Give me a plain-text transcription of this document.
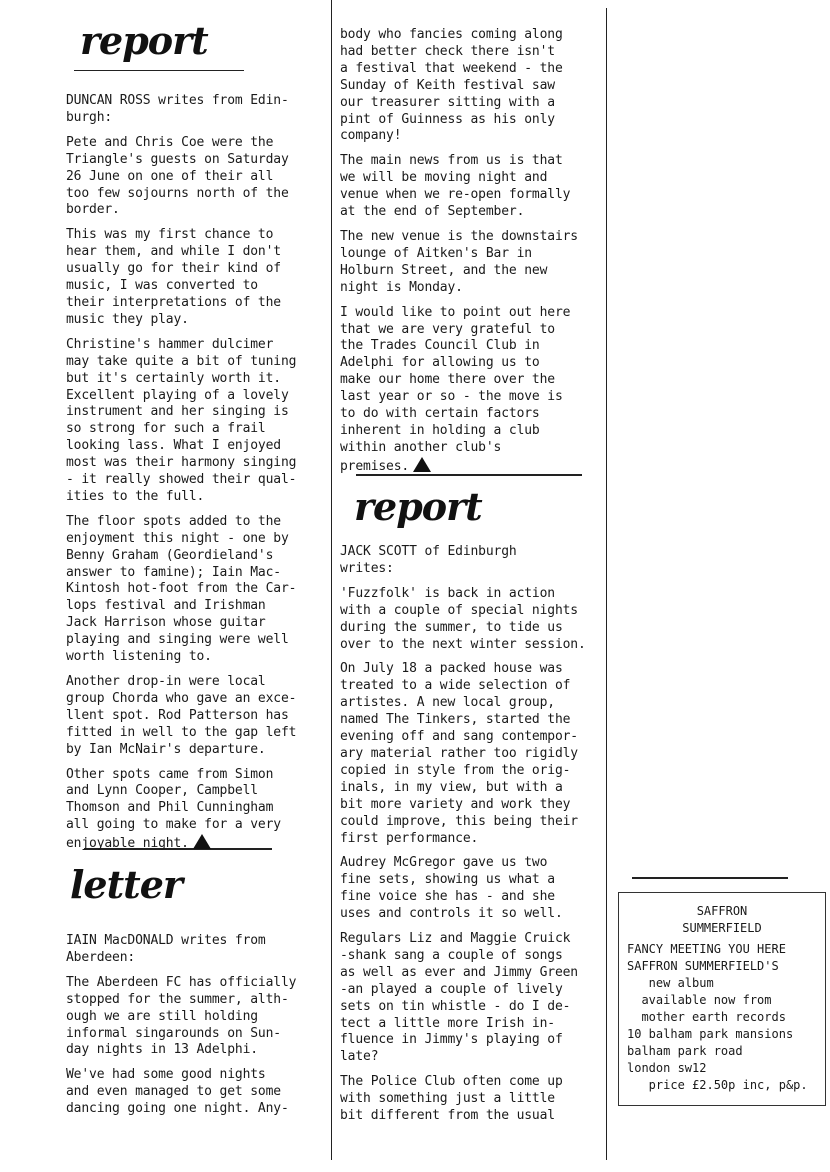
report

DUNCAN ROSS writes from Edin-
burgh:

Pete and Chris Coe were the
Triangle's guests on Saturday
26 June on one of their all
too few sojourns north of the
border.

This was my first chance to
hear them, and while I don't
usually go for their kind of
music, I was converted to
their interpretations of the
music they play.

Christine's hammer dulcimer
may take quite a bit of tuning
but it's certainly worth it.
Excellent playing of a lovely
instrument and her singing is
so strong for such a frail
looking lass. What I enjoyed
most was their harmony singing
- it really showed their qual-
ities to the full.

The floor spots added to the
enjoyment this night - one by
Benny Graham (Geordieland's
answer to famine); Iain Mac-
Kintosh hot-foot from the Car-
lops festival and Irishman
Jack Harrison whose guitar
playing and singing were well
worth listening to.

Another drop-in were local
group Chorda who gave an exce-
llent spot. Rod Patterson has
fitted in well to the gap left
by Ian McNair's departure.

Other spots came from Simon
and Lynn Cooper, Campbell
Thomson and Phil Cunningham
all going to make for a very
enjoyable night.

letter

IAIN MacDONALD writes from
Aberdeen:

The Aberdeen FC has officially
stopped for the summer, alth-
ough we are still holding
informal singarounds on Sun-
day nights in 13 Adelphi.

We've had some good nights
and even managed to get some
dancing going one night. Any-

body who fancies coming along
had better check there isn't
a festival that weekend - the
Sunday of Keith festival saw
our treasurer sitting with a
pint of Guinness as his only
company!

The main news from us is that
we will be moving night and
venue when we re-open formally
at the end of September.

The new venue is the downstairs
lounge of Aitken's Bar in
Holburn Street, and the new
night is Monday.

I would like to point out here
that we are very grateful to
the Trades Council Club in
Adelphi for allowing us to
make our home there over the
last year or so - the move is
to do with certain factors
inherent in holding a club
within another club's
premises.

report

JACK SCOTT of Edinburgh
writes:

'Fuzzfolk' is back in action
with a couple of special nights
during the summer, to tide us
over to the next winter session.

On July 18 a packed house was
treated to a wide selection of
artistes. A new local group,
named The Tinkers, started the
evening off and sang contempor-
ary material rather too rigidly
copied in style from the orig-
inals, in my view, but with a
bit more variety and work they
could improve, this being their
first performance.

Audrey McGregor gave us two
fine sets, showing us what a
fine voice she has - and she
uses and controls it so well.

Regulars Liz and Maggie Cruick
-shank sang a couple of songs
as well as ever and Jimmy Green
-an played a couple of lively
sets on tin whistle - do I de-
tect a little more Irish in-
fluence in Jimmy's playing of
late?

The Police Club often come up
with something just a little
bit different from the usual

SAFFRON
SUMMERFIELD
FANCY MEETING YOU HERE
SAFFRON SUMMERFIELD'S
new album
available now from
mother earth records
10 balham park mansions
balham park road
london sw12
price £2.50p inc, p&p.
